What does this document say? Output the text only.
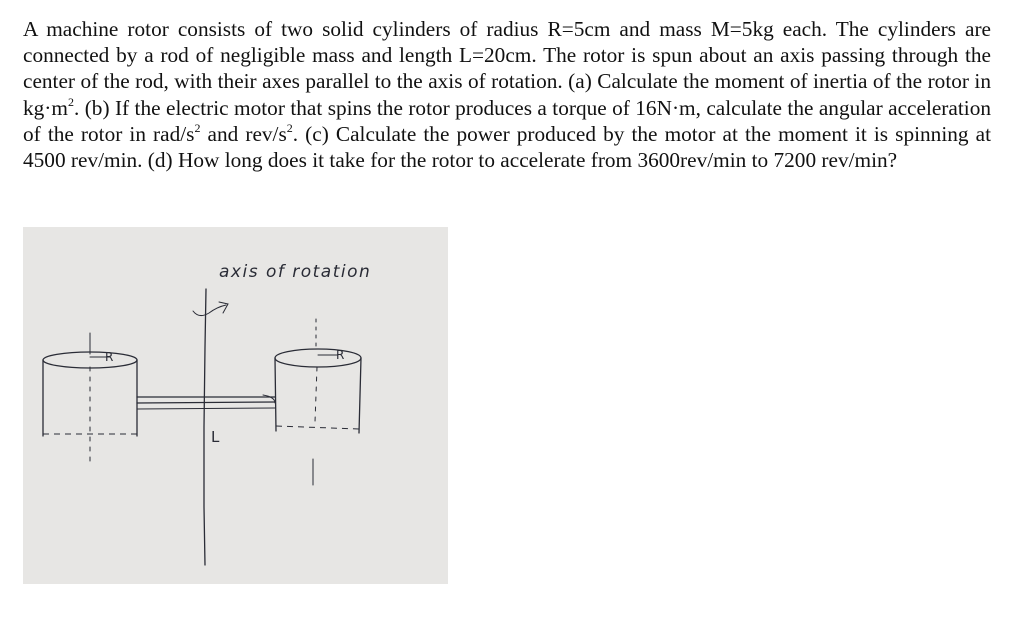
A machine rotor consists of two solid cylinders of radius R=5cm and mass M=5kg each. The cylinders are connected by a rod of negligible mass and length L=20cm. The rotor is spun about an axis passing through the center of the rod, with their axes parallel to the axis of rotation. (a) Calculate the moment of inertia of the rotor in $kg\cdot m^2$. (b) If the electric motor that spins the rotor produces a torque of 16N·m, calculate the angular acceleration of the rotor in rad/$s^2$ and rev/$s^2$. (c) Calculate the power produced by the motor at the moment it is spinning at 4500 rev/min. (d) How long does it take for the rotor to accelerate from 3600rev/min to 7200 rev/min?

axis of rotation
R	R
L
